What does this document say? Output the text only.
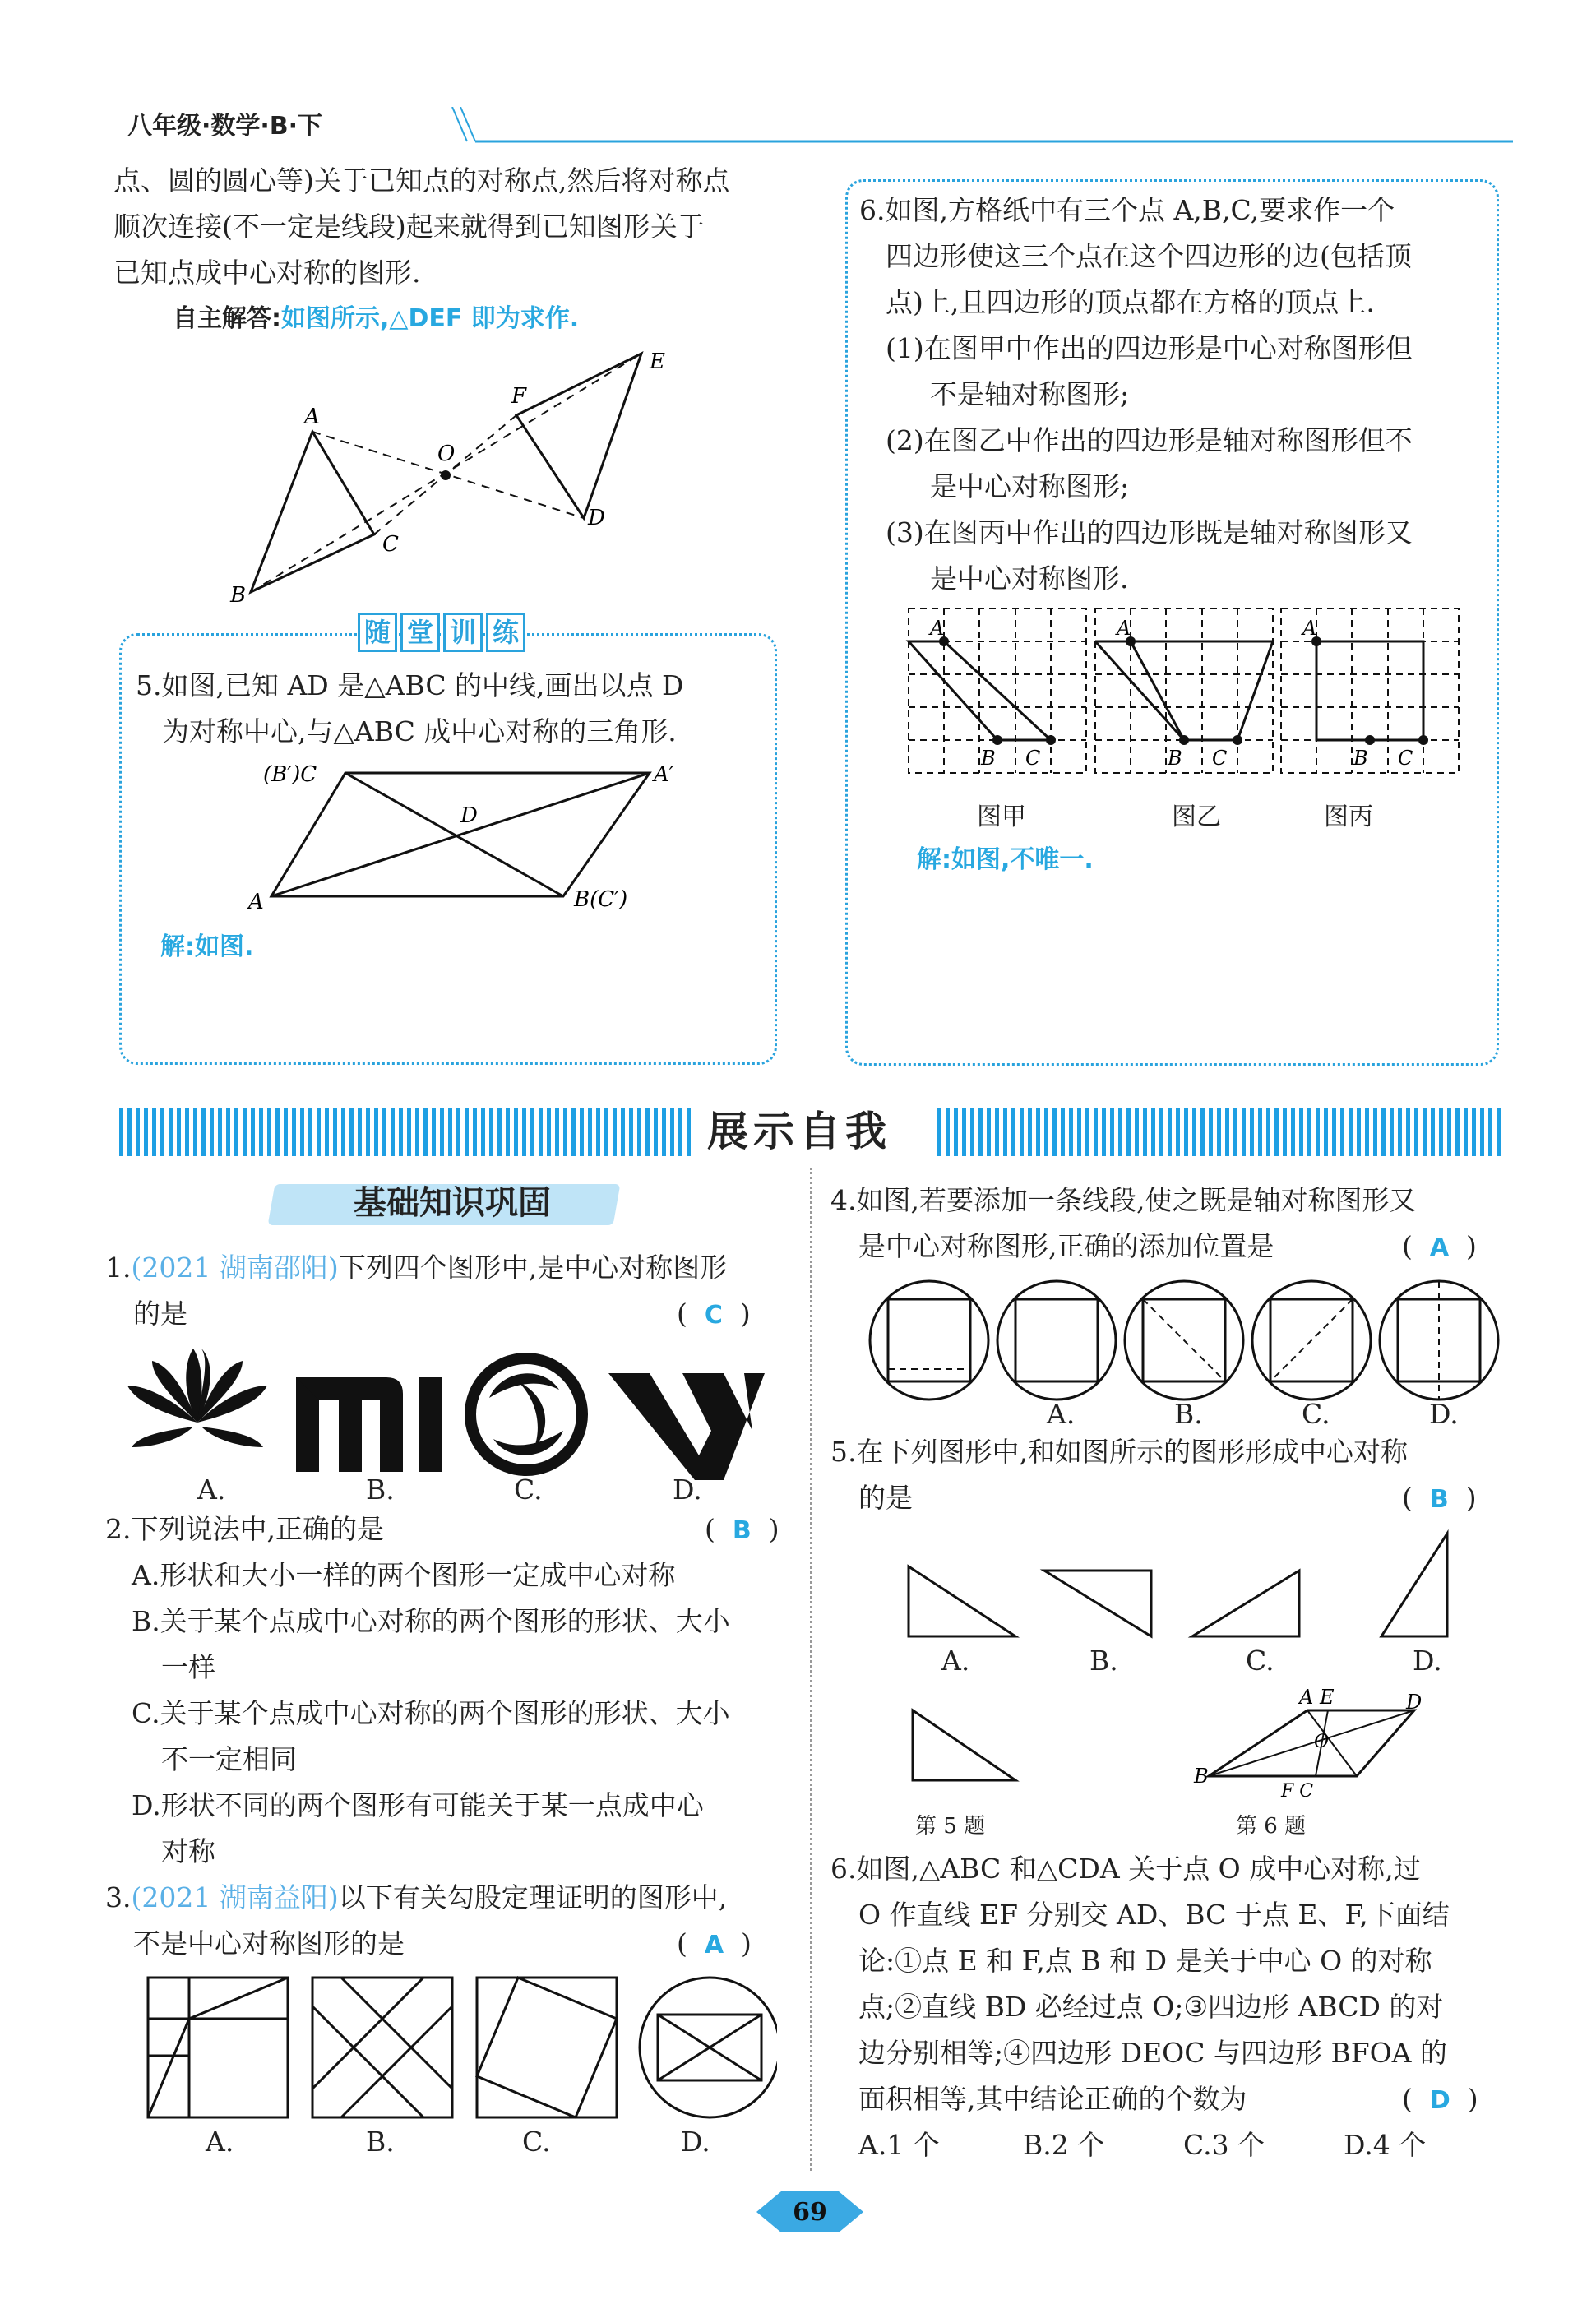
八年级·数学·B·下
点、圆的圆心等)关于已知点的对称点,然后将对称点
顺次连接(不一定是线段)起来就得到已知图形关于
已知点成中心对称的图形.
自主解答:如图所示,△DEF 即为求作.
A
B
C
O
F
E
D
随 堂 训 练
5.如图,已知 AD 是△ABC 的中线,画出以点 D
为对称中心,与△ABC 成中心对称的三角形.
(B′)C	A′
D
A	B(C′)
解:如图.
6.如图,方格纸中有三个点 A,B,C,要求作一个
四边形使这三个点在这个四边形的边(包括顶
点)上,且四边形的顶点都在方格的顶点上.
(1)在图甲中作出的四边形是中心对称图形但
不是轴对称图形;
(2)在图乙中作出的四边形是轴对称图形但不
是中心对称图形;
(3)在图丙中作出的四边形既是轴对称图形又
是中心对称图形.
A
B C
A
B C
A
B C
图甲	图乙	图丙
解:如图,不唯一.
展示自我
基础知识巩固
1.(2021 湖南邵阳)下列四个图形中,是中心对称图形
的是	(  C  )
A.	B.	C.	D.
2.下列说法中,正确的是	(  B  )
A.形状和大小一样的两个图形一定成中心对称
B.关于某个点成中心对称的两个图形的形状、大小
一样
C.关于某个点成中心对称的两个图形的形状、大小
不一定相同
D.形状不同的两个图形有可能关于某一点成中心
对称
3.(2021 湖南益阳)以下有关勾股定理证明的图形中,
不是中心对称图形的是	(  A  )
A.	B.	C.	D.
4.如图,若要添加一条线段,使之既是轴对称图形又
是中心对称图形,正确的添加位置是	(  A  )
A.	B.	C.	D.
5.在下列图形中,和如图所示的图形形成中心对称
的是	(  B  )
A.	B.	C.	D.
第 5 题
A E	D
O
B
F C
第 6 题
6.如图,△ABC 和△CDA 关于点 O 成中心对称,过
O 作直线 EF 分别交 AD、BC 于点 E、F,下面结
论:①点 E 和 F,点 B 和 D 是关于中心 O 的对称
点;②直线 BD 必经过点 O;③四边形 ABCD 的对
边分别相等;④四边形 DEOC 与四边形 BFOA 的
面积相等,其中结论正确的个数为	(  D  )
A.1 个	B.2 个	C.3 个	D.4 个
69
